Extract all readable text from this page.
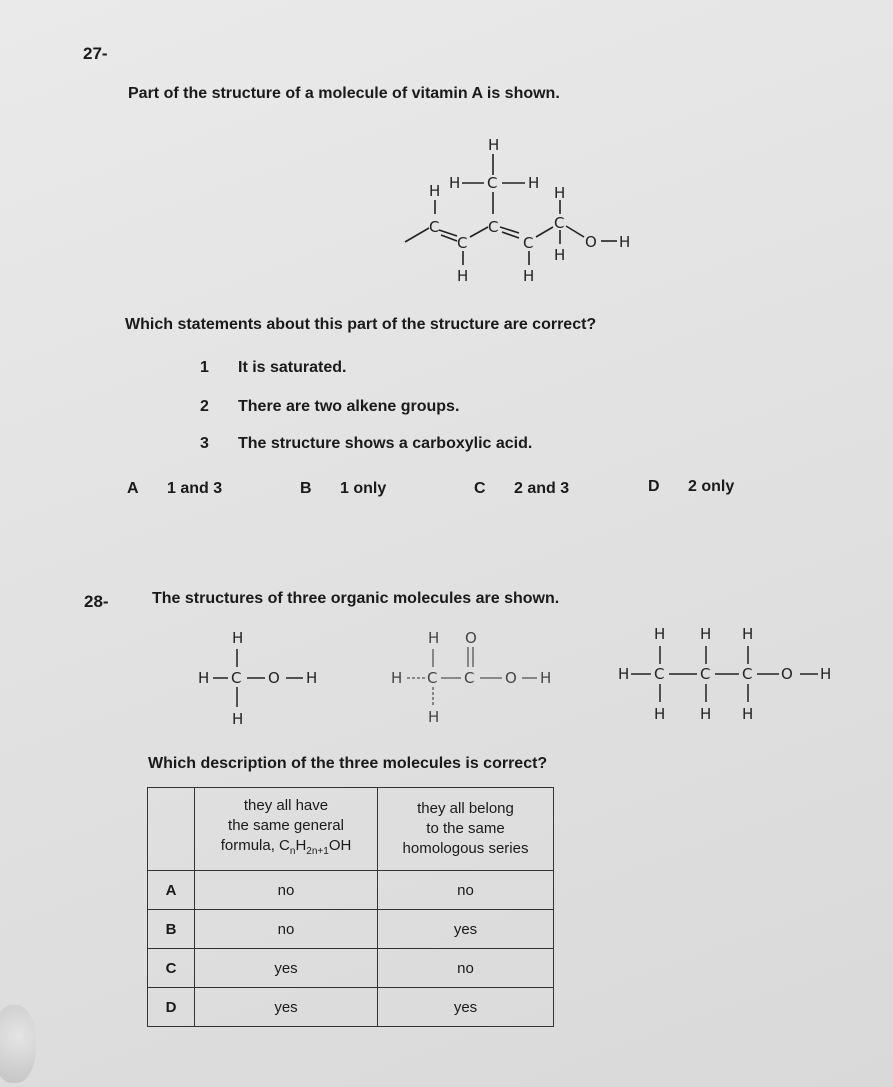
27-
Part of the structure of a molecule of vitamin A is shown.
H
H C H
H	H
C	C	C
C	C	O H
H
H	H
Which statements about this part of the structure are correct?
1 It is saturated.
2 There are two alkene groups.
3 The structure shows a carboxylic acid.
A 1 and 3	B 1 only	C 2 and 3	D 2 only
28-	The structures of three organic molecules are shown.
H
H C O H
H
H O
H C C O H
H
H H H
H C C C O H
H H H
Which description of the three molecules is correct?
	they all have
the same general
formula, $C_nH_{2n+1}OH$	they all belong
to the same
homologous series
A	no	no
B	no	yes
C	yes	no
D	yes	yes
